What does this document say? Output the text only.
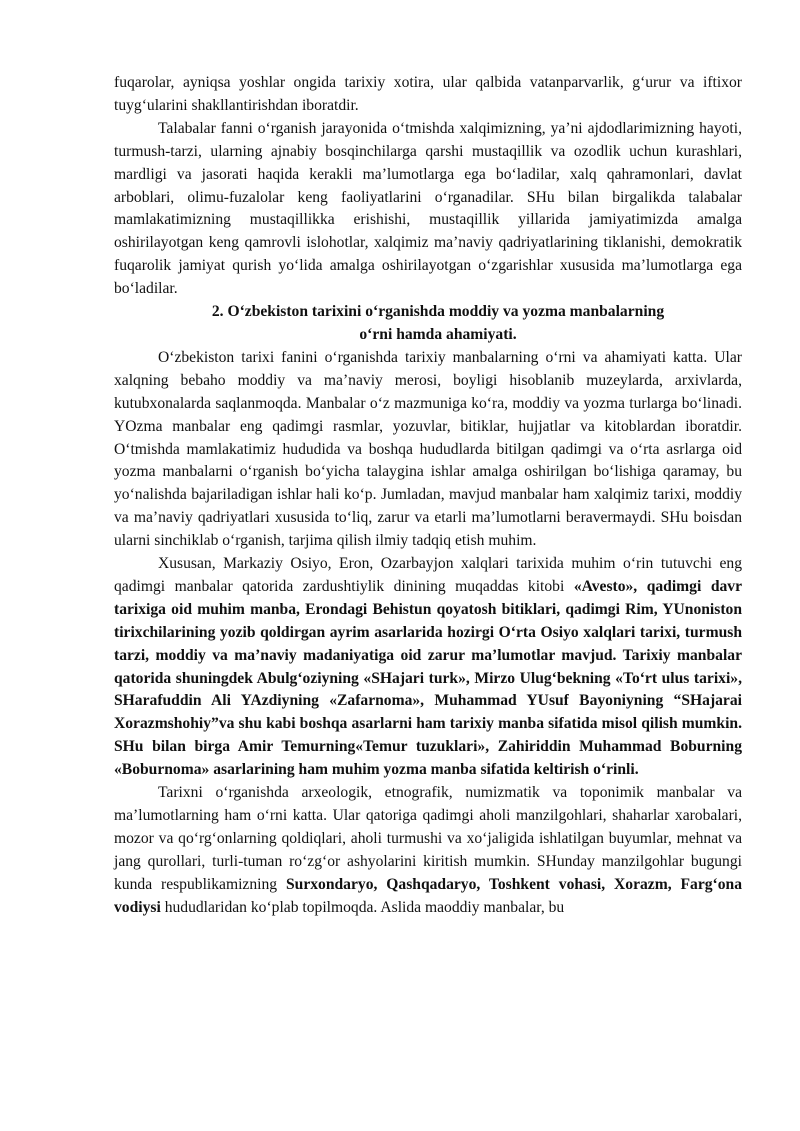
fuqarolar, ayniqsa yoshlar ongida tarixiy xotira, ular qalbida vatanparvarlik, g‘urur va iftixor tuyg‘ularini shakllantirishdan iboratdir.

Talabalar fanni o‘rganish jarayonida o‘tmishda xalqimizning, ya’ni ajdodlarimizning hayoti, turmush-tarzi, ularning ajnabiy bosqinchilarga qarshi mustaqillik va ozodlik uchun kurashlari, mardligi va jasorati haqida kerakli ma’lumotlarga ega bo‘ladilar, xalq qahramonlari, davlat arboblari, olimu-fuzalolar keng faoliyatlarini o‘rganadilar. SHu bilan birgalikda talabalar mamlakatimizning mustaqillikka erishishi, mustaqillik yillarida jamiyatimizda amalga oshirilayotgan keng qamrovli islohotlar, xalqimiz ma’naviy qadriyatlarining tiklanishi, demokratik fuqarolik jamiyat qurish yo‘lida amalga oshirilayotgan o‘zgarishlar xususida ma’lumotlarga ega bo‘ladilar.

2. O‘zbekiston tarixini o‘rganishda moddiy va yozma manbalarning
o‘rni hamda ahamiyati.

O‘zbekiston tarixi fanini o‘rganishda tarixiy manbalarning o‘rni va ahamiyati katta. Ular xalqning bebaho moddiy va ma’naviy merosi, boyligi hisoblanib muzeylarda, arxivlarda, kutubxonalarda saqlanmoqda. Manbalar o‘z mazmuniga ko‘ra, moddiy va yozma turlarga bo‘linadi. YOzma manbalar eng qadimgi rasmlar, yozuvlar, bitiklar, hujjatlar va kitoblardan iboratdir. O‘tmishda mamlakatimiz hududida va boshqa hududlarda bitilgan qadimgi va o‘rta asrlarga oid yozma manbalarni o‘rganish bo‘yicha talaygina ishlar amalga oshirilgan bo‘lishiga qaramay, bu yo‘nalishda bajariladigan ishlar hali ko‘p. Jumladan, mavjud manbalar ham xalqimiz tarixi, moddiy va ma’naviy qadriyatlari xususida to‘liq, zarur va etarli ma’lumotlarni beravermaydi. SHu boisdan ularni sinchiklab o‘rganish, tarjima qilish ilmiy tadqiq etish muhim.

Xususan, Markaziy Osiyo, Eron, Ozarbayjon xalqlari tarixida muhim o‘rin tutuvchi eng qadimgi manbalar qatorida zardushtiylik dinining muqaddas kitobi «Avesto», qadimgi davr tarixiga oid muhim manba, Erondagi Behistun qoyatosh bitiklari, qadimgi Rim, YUnoniston tirixchilarining yozib qoldirgan ayrim asarlarida hozirgi O‘rta Osiyo xalqlari tarixi, turmush tarzi, moddiy va ma’naviy madaniyatiga oid zarur ma’lumotlar mavjud. Tarixiy manbalar qatorida shuningdek Abulg‘oziyning «SHajari turk», Mirzo Ulug‘bekning «To‘rt ulus tarixi», SHarafuddin Ali YAzdiyning «Zafarnoma», Muhammad YUsuf Bayoniyning “SHajarai Xorazmshohiy”va shu kabi boshqa asarlarni ham tarixiy manba sifatida misol qilish mumkin. SHu bilan birga Amir Temurning«Temur tuzuklari», Zahiriddin Muhammad Boburning «Boburnoma» asarlarining ham muhim yozma manba sifatida keltirish o‘rinli.

Tarixni o‘rganishda arxeologik, etnografik, numizmatik va toponimik manbalar va ma’lumotlarning ham o‘rni katta. Ular qatoriga qadimgi aholi manzilgohlari, shaharlar xarobalari, mozor va qo‘rg‘onlarning qoldiqlari, aholi turmushi va xo‘jaligida ishlatilgan buyumlar, mehnat va jang qurollari, turli-tuman ro‘zg‘or ashyolarini kiritish mumkin. SHunday manzilgohlar bugungi kunda respublikamizning Surxondaryo, Qashqadaryo, Toshkent vohasi, Xorazm, Farg‘ona vodiysi hududlaridan ko‘plab topilmoqda. Aslida maoddiy manbalar, bu
